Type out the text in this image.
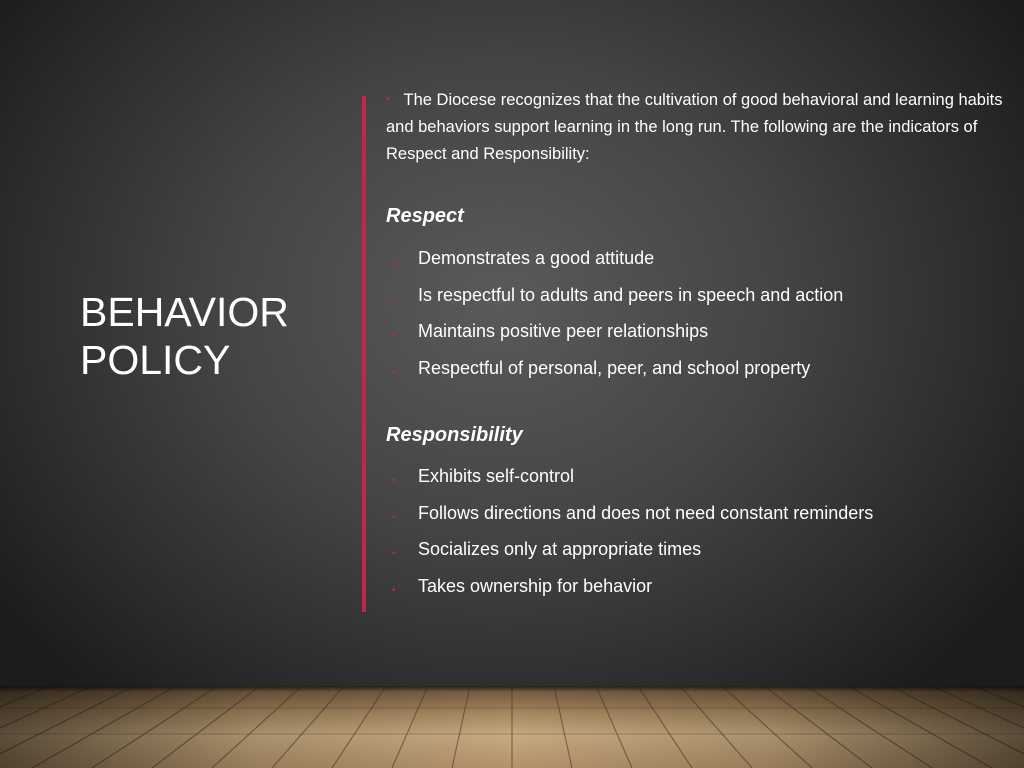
BEHAVIOR
POLICY

• The Diocese recognizes that the cultivation of good behavioral and learning habits and behaviors support learning in the long run. The following are the indicators of Respect and Responsibility:

Respect

• Demonstrates a good attitude
• Is respectful to adults and peers in speech and action
• Maintains positive peer relationships
• Respectful of personal, peer, and school property
•

Responsibility

• Exhibits self-control
• Follows directions and does not need constant reminders
• Socializes only at appropriate times
• Takes ownership for behavior
